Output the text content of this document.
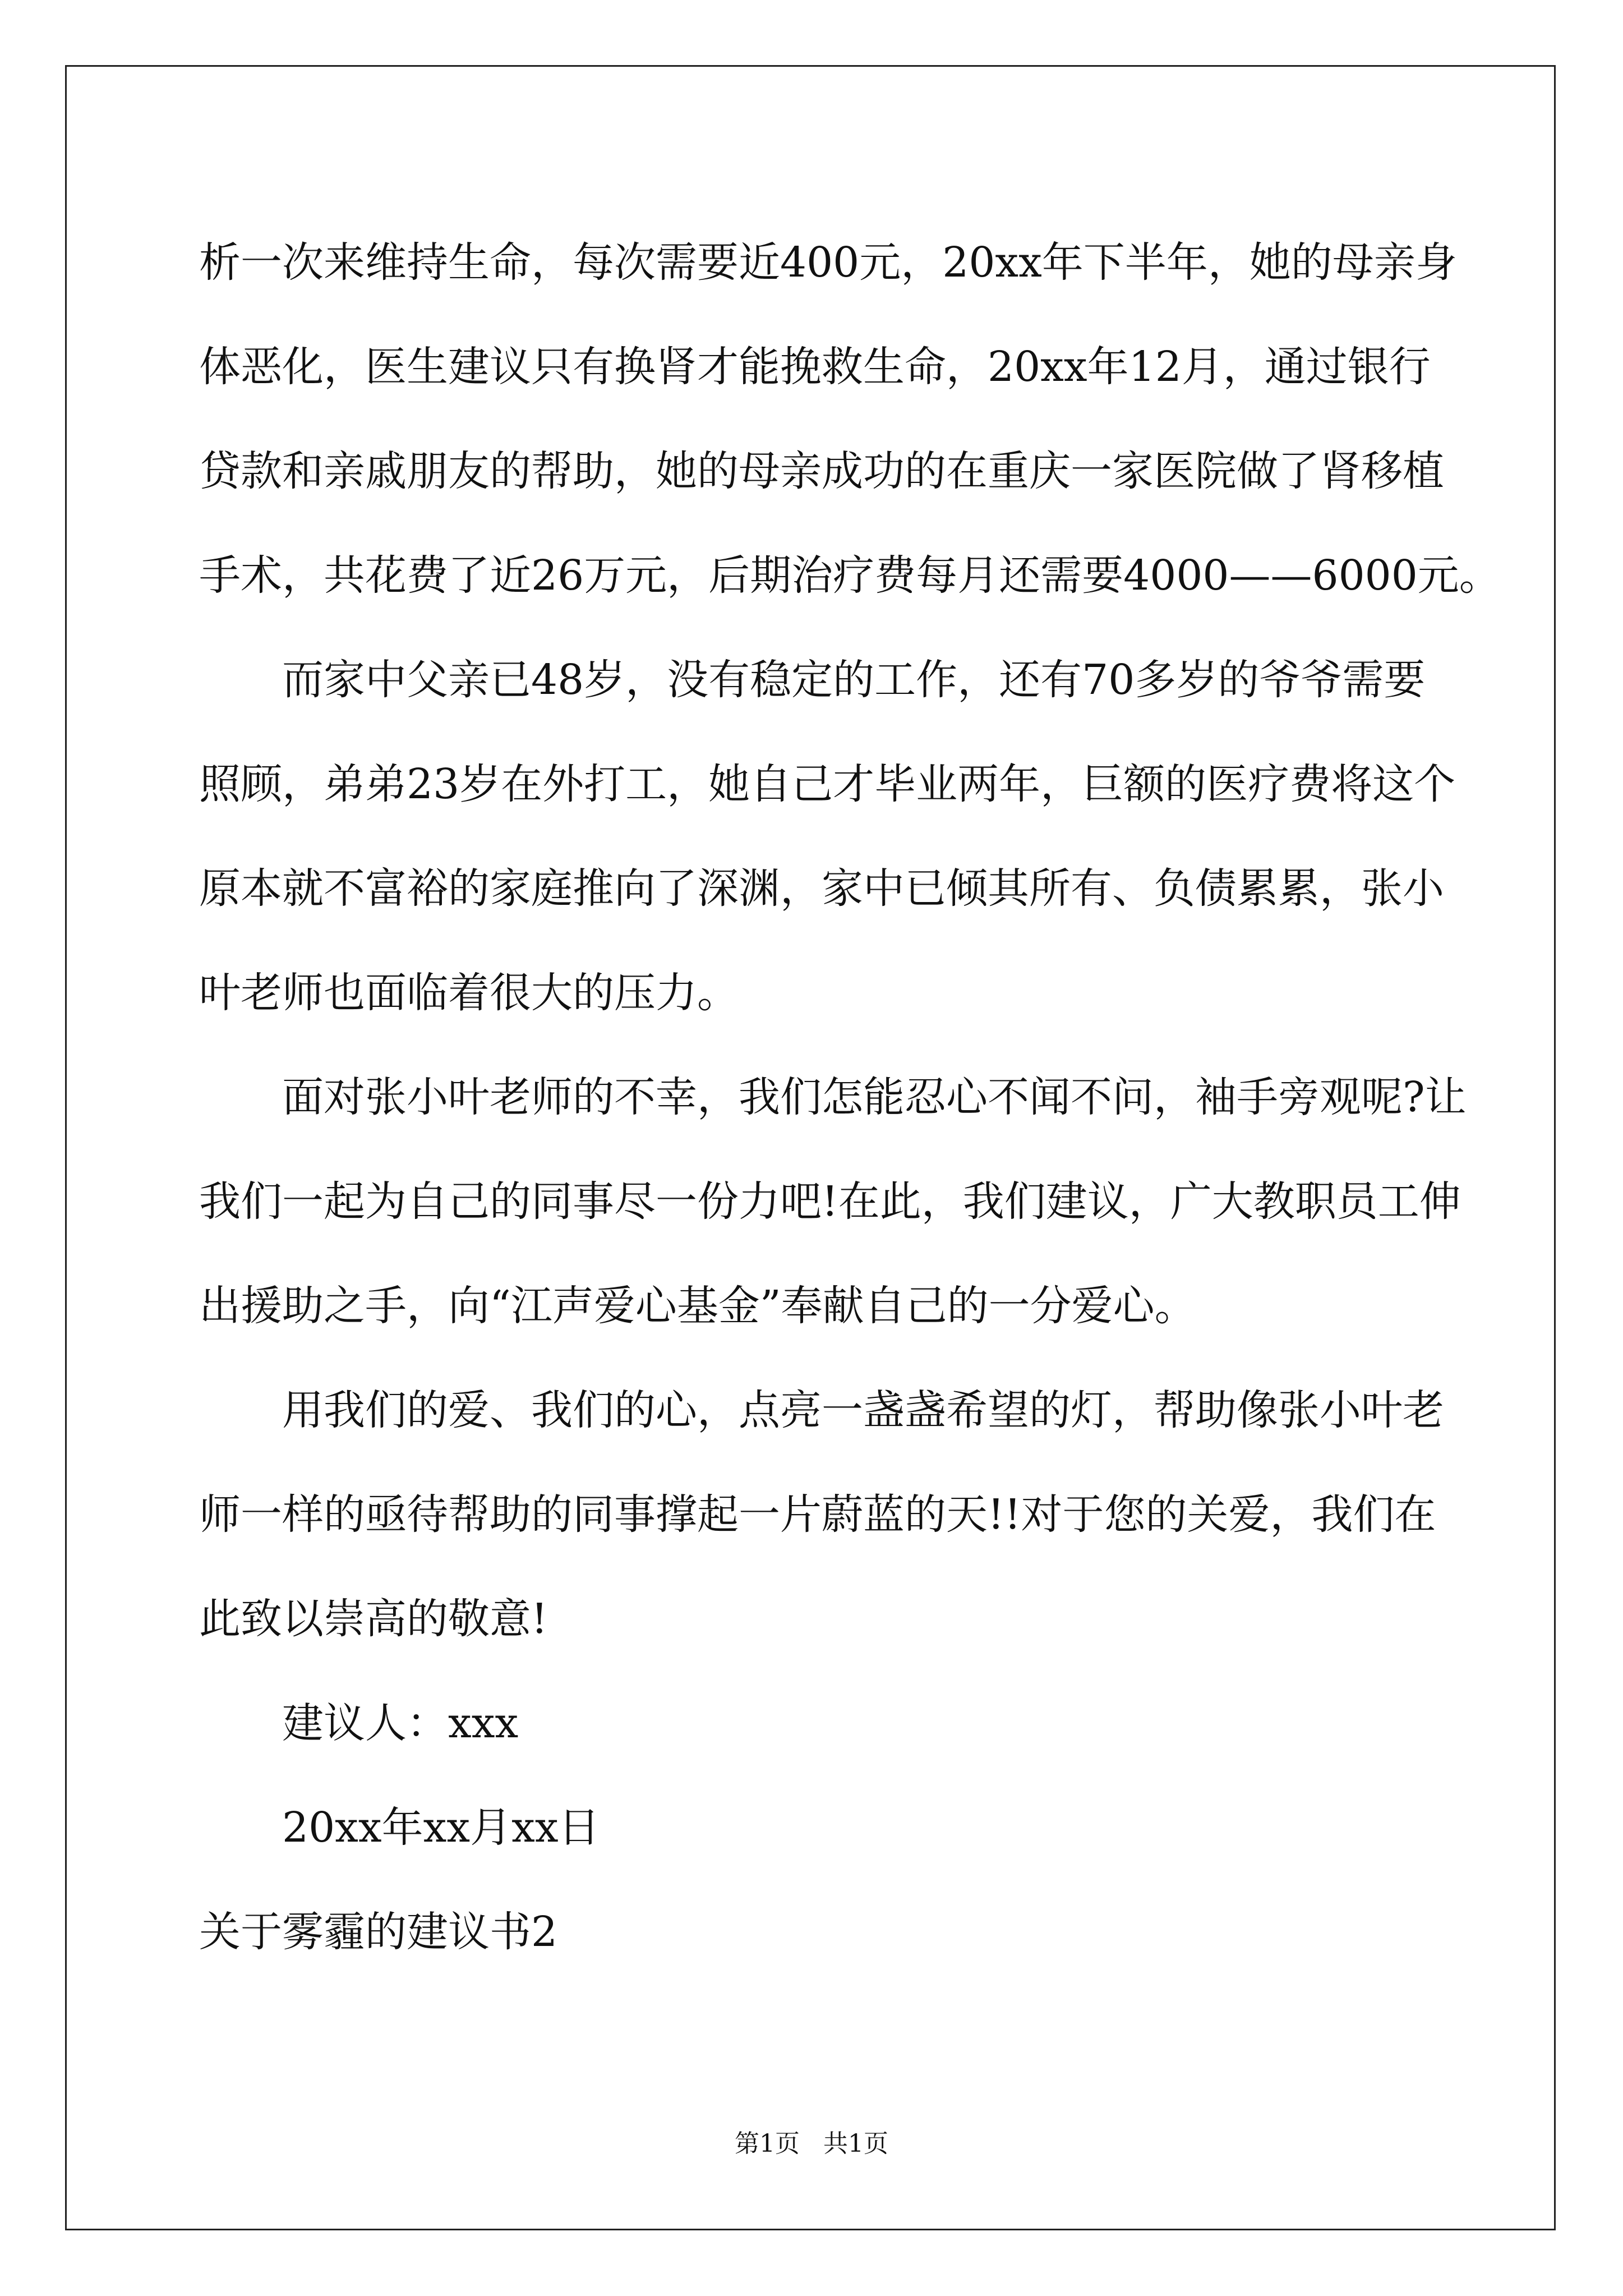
析一次来维持生命，每次需要近400元，20xx年下半年，她的母亲身
体恶化，医生建议只有换肾才能挽救生命，20xx年12月，通过银行
贷款和亲戚朋友的帮助，她的母亲成功的在重庆一家医院做了肾移植
手术，共花费了近26万元，后期治疗费每月还需要4000——6000元。
而家中父亲已48岁，没有稳定的工作，还有70多岁的爷爷需要
照顾，弟弟23岁在外打工，她自己才毕业两年，巨额的医疗费将这个
原本就不富裕的家庭推向了深渊，家中已倾其所有、负债累累，张小
叶老师也面临着很大的压力。
面对张小叶老师的不幸，我们怎能忍心不闻不问，袖手旁观呢?让
我们一起为自己的同事尽一份力吧!在此，我们建议，广大教职员工伸
出援助之手，向“江声爱心基金”奉献自己的一分爱心。
用我们的爱、我们的心，点亮一盏盏希望的灯，帮助像张小叶老
师一样的亟待帮助的同事撑起一片蔚蓝的天!!对于您的关爱，我们在
此致以崇高的敬意!
建议人：xxx
20xx年xx月xx日
关于雾霾的建议书2
第1页 共1页
